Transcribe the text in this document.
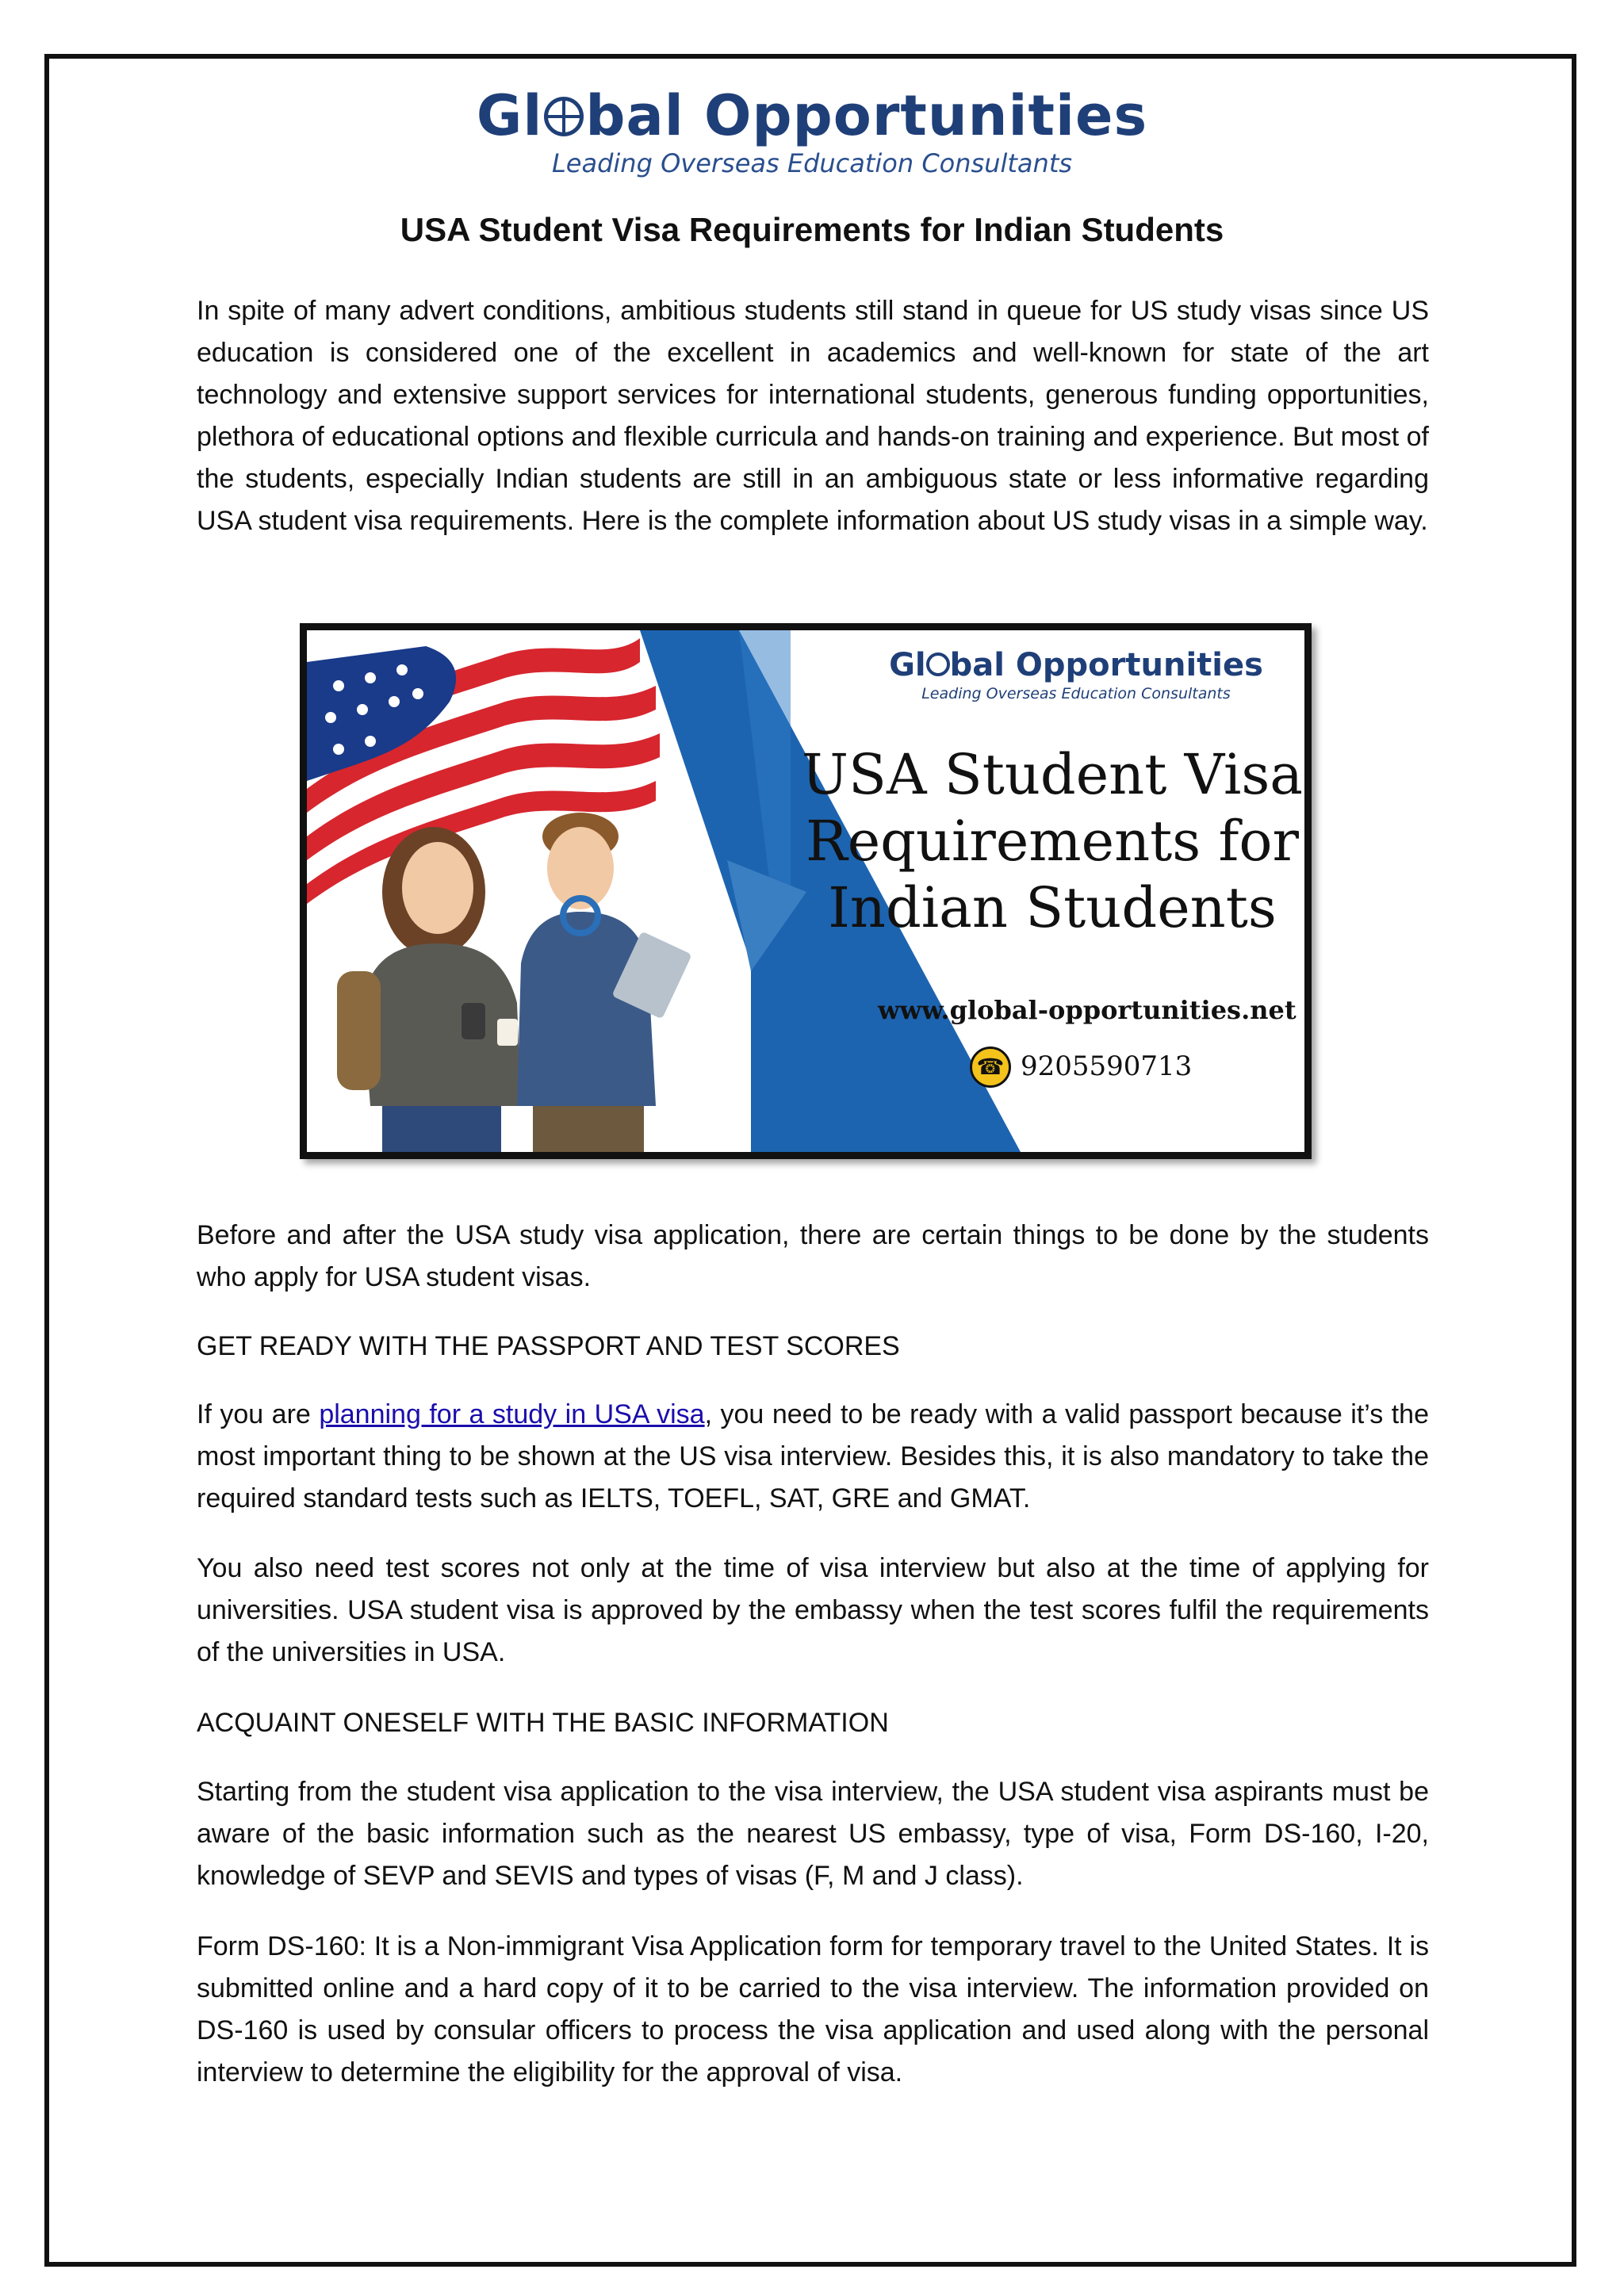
Gl bal Opportunities
Leading Overseas Education Consultants
USA Student Visa Requirements for Indian Students

In spite of many advert conditions, ambitious students still stand in queue for US study visas since US education is considered one of the excellent in academics and well-known for state of the art technology and extensive support services for international students, generous funding opportunities, plethora of educational options and flexible curricula and hands-on training and experience. But most of the students, especially Indian students are still in an ambiguous state or less informative regarding USA student visa requirements. Here is the complete information about US study visas in a simple way.

Gl bal Opportunities
Leading Overseas Education Consultants
USA Student Visa
Requirements for
Indian Students
www.global-opportunities.net
☎ 9205590713

Before and after the USA study visa application, there are certain things to be done by the students who apply for USA student visas.

GET READY WITH THE PASSPORT AND TEST SCORES

If you are planning for a study in USA visa, you need to be ready with a valid passport because it’s the most important thing to be shown at the US visa interview. Besides this, it is also mandatory to take the required standard tests such as IELTS, TOEFL, SAT, GRE and GMAT.

You also need test scores not only at the time of visa interview but also at the time of applying for universities. USA student visa is approved by the embassy when the test scores fulfil the requirements of the universities in USA.

ACQUAINT ONESELF WITH THE BASIC INFORMATION

Starting from the student visa application to the visa interview, the USA student visa aspirants must be aware of the basic information such as the nearest US embassy, type of visa, Form DS-160, I-20, knowledge of SEVP and SEVIS and types of visas (F, M and J class).

Form DS-160: It is a Non-immigrant Visa Application form for temporary travel to the United States. It is submitted online and a hard copy of it to be carried to the visa interview. The information provided on DS-160 is used by consular officers to process the visa application and used along with the personal interview to determine the eligibility for the approval of visa.
